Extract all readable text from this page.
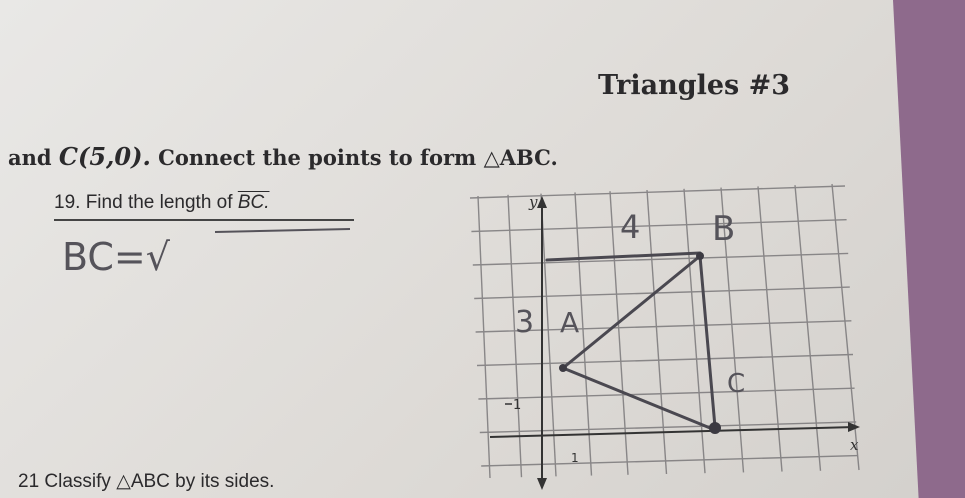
Triangles #3
and C(5,0). Connect the points to form △ABC.
19. Find the length of BC.
21 Classify △ABC by its sides.
y
x
1
1
BC=√
4 B
3 A
C
